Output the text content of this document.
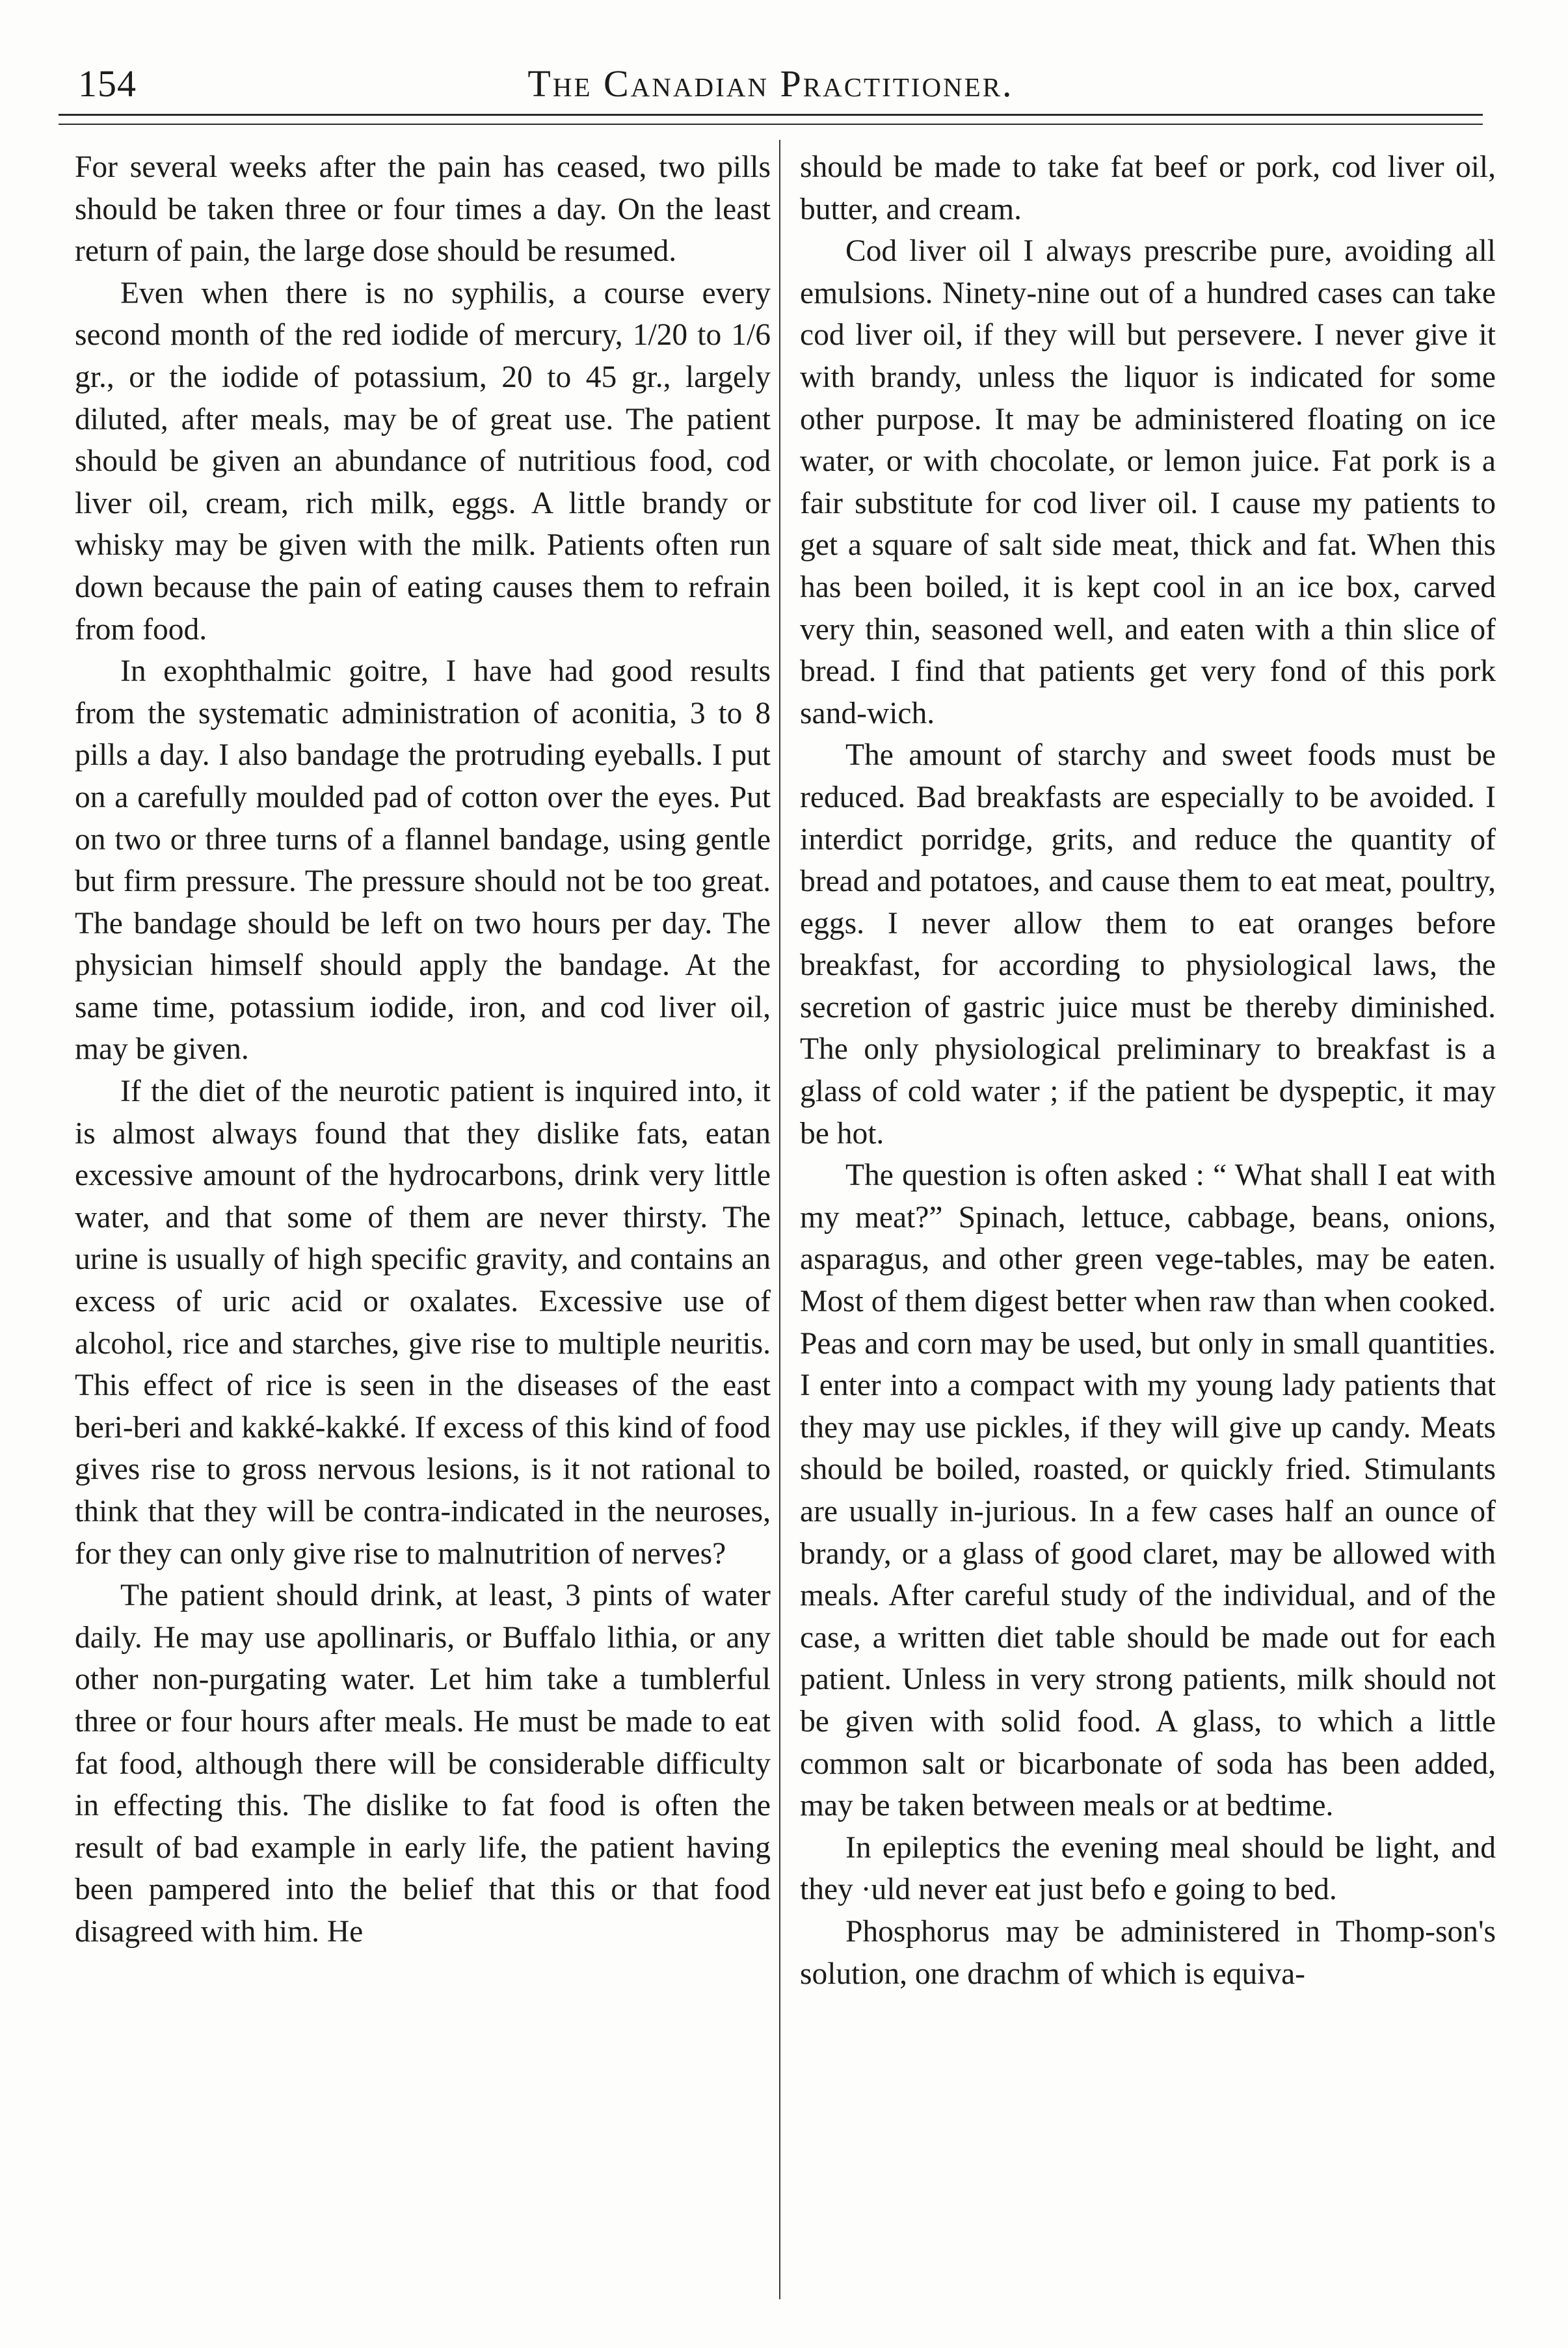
154	The Canadian Practitioner.

For several weeks after the pain has ceased, two pills should be taken three or four times a day. On the least return of pain, the large dose should be resumed.

Even when there is no syphilis, a course every second month of the red iodide of mercury, 1/20 to 1/6 gr., or the iodide of potassium, 20 to 45 gr., largely diluted, after meals, may be of great use. The patient should be given an abundance of nutritious food, cod liver oil, cream, rich milk, eggs. A little brandy or whisky may be given with the milk. Patients often run down because the pain of eating causes them to refrain from food.

In exophthalmic goitre, I have had good results from the systematic administration of aconitia, 3 to 8 pills a day. I also bandage the protruding eyeballs. I put on a carefully moulded pad of cotton over the eyes. Put on two or three turns of a flannel bandage, using gentle but firm pressure. The pressure should not be too great. The bandage should be left on two hours per day. The physician himself should apply the bandage. At the same time, potassium iodide, iron, and cod liver oil, may be given.

If the diet of the neurotic patient is inquired into, it is almost always found that they dislike fats, eatan excessive amount of the hydrocarbons, drink very little water, and that some of them are never thirsty. The urine is usually of high specific gravity, and contains an excess of uric acid or oxalates. Excessive use of alcohol, rice and starches, give rise to multiple neuritis. This effect of rice is seen in the diseases of the east beri-beri and kakké-kakké. If excess of this kind of food gives rise to gross nervous lesions, is it not rational to think that they will be contra-indicated in the neuroses, for they can only give rise to malnutrition of nerves?

The patient should drink, at least, 3 pints of water daily. He may use apollinaris, or Buffalo lithia, or any other non-purgating water. Let him take a tumblerful three or four hours after meals. He must be made to eat fat food, although there will be considerable difficulty in effecting this. The dislike to fat food is often the result of bad example in early life, the patient having been pampered into the belief that this or that food disagreed with him. He

should be made to take fat beef or pork, cod liver oil, butter, and cream.

Cod liver oil I always prescribe pure, avoiding all emulsions. Ninety-nine out of a hundred cases can take cod liver oil, if they will but persevere. I never give it with brandy, unless the liquor is indicated for some other purpose. It may be administered floating on ice water, or with chocolate, or lemon juice. Fat pork is a fair substitute for cod liver oil. I cause my patients to get a square of salt side meat, thick and fat. When this has been boiled, it is kept cool in an ice box, carved very thin, seasoned well, and eaten with a thin slice of bread. I find that patients get very fond of this pork sand-wich.

The amount of starchy and sweet foods must be reduced. Bad breakfasts are especially to be avoided. I interdict porridge, grits, and reduce the quantity of bread and potatoes, and cause them to eat meat, poultry, eggs. I never allow them to eat oranges before breakfast, for according to physiological laws, the secretion of gastric juice must be thereby diminished. The only physiological preliminary to breakfast is a glass of cold water ; if the patient be dyspeptic, it may be hot.

The question is often asked : “ What shall I eat with my meat?” Spinach, lettuce, cabbage, beans, onions, asparagus, and other green vege-tables, may be eaten. Most of them digest better when raw than when cooked. Peas and corn may be used, but only in small quantities. I enter into a compact with my young lady patients that they may use pickles, if they will give up candy. Meats should be boiled, roasted, or quickly fried. Stimulants are usually in-jurious. In a few cases half an ounce of brandy, or a glass of good claret, may be allowed with meals. After careful study of the individual, and of the case, a written diet table should be made out for each patient. Unless in very strong patients, milk should not be given with solid food. A glass, to which a little common salt or bicarbonate of soda has been added, may be taken between meals or at bedtime.

In epileptics the evening meal should be light, and they ·uld never eat just befo e going to bed.

Phosphorus may be administered in Thomp-son's solution, one drachm of which is equiva-
